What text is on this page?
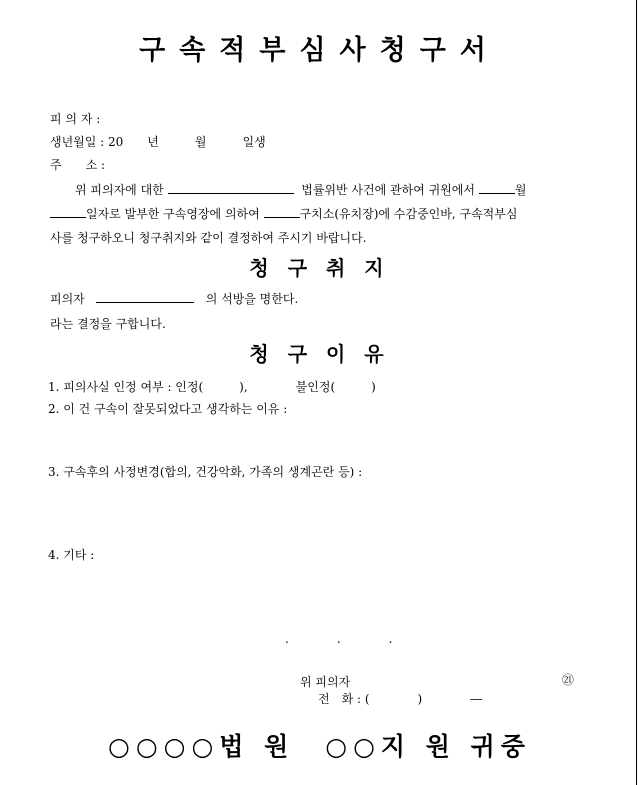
구속적부심사청구서
피 의 자 :
생년월일 : 20　　년　　　월　　　일생
주　　소 :
위 피의자에 대한	법률위반 사건에 관하여 귀원에서	월
일자로 발부한 구속영장에 의하여	구치소(유치장)에 수감중인바, 구속적부심
사를 청구하오니 청구취지와 같이 결정하여 주시기 바랍니다.
청 구 취 지
피의자	의 석방을 명한다.
라는 결정을 구합니다.
청 구 이 유
1. 피의사실 인정 여부 : 인정(　　　),　　　　불인정(　　　)
2. 이 건 구속이 잘못되었다고 생각하는 이유 :
3. 구속후의 사정변경(합의, 건강악화, 가족의 생계곤란 등) :
4. 기타 :
.　　　　.　　　　.
위 피의자	㉑
전　화 : (　　　　)　　　　―
○○○○법 원　○○지 원 귀중
